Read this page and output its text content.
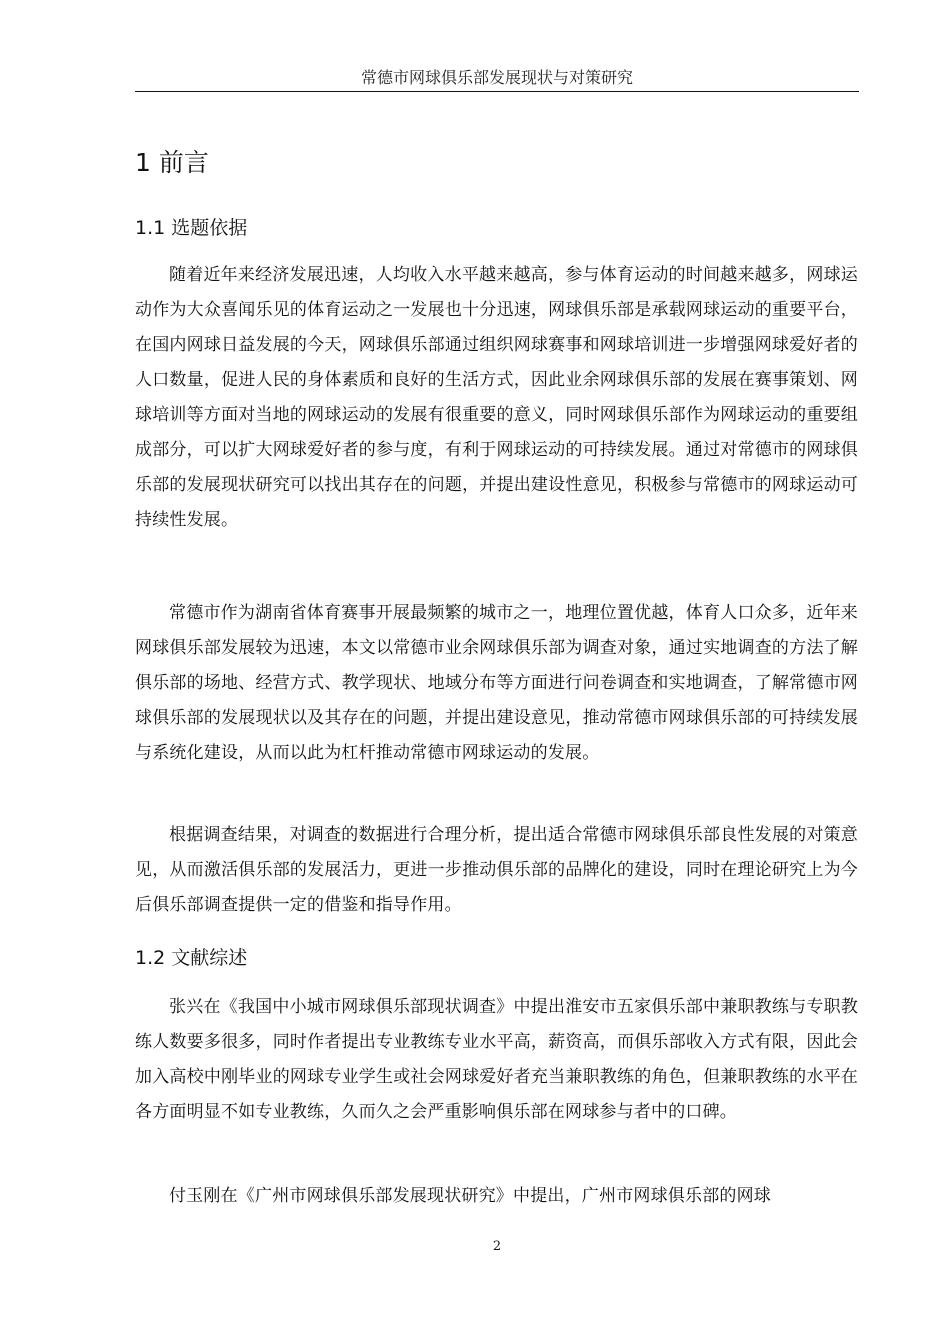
常德市网球俱乐部发展现状与对策研究
1 前言
1.1 选题依据

随着近年来经济发展迅速，人均收入水平越来越高，参与体育运动的时间越来越多，网球运动作为大众喜闻乐见的体育运动之一发展也十分迅速，网球俱乐部是承载网球运动的重要平台，在国内网球日益发展的今天，网球俱乐部通过组织网球赛事和网球培训进一步增强网球爱好者的人口数量，促进人民的身体素质和良好的生活方式，因此业余网球俱乐部的发展在赛事策划、网球培训等方面对当地的网球运动的发展有很重要的意义，同时网球俱乐部作为网球运动的重要组成部分，可以扩大网球爱好者的参与度，有利于网球运动的可持续发展。通过对常德市的网球俱乐部的发展现状研究可以找出其存在的问题，并提出建设性意见，积极参与常德市的网球运动可持续性发展。

常德市作为湖南省体育赛事开展最频繁的城市之一，地理位置优越，体育人口众多，近年来网球俱乐部发展较为迅速，本文以常德市业余网球俱乐部为调查对象，通过实地调查的方法了解俱乐部的场地、经营方式、教学现状、地域分布等方面进行问卷调查和实地调查，了解常德市网球俱乐部的发展现状以及其存在的问题，并提出建设意见，推动常德市网球俱乐部的可持续发展与系统化建设，从而以此为杠杆推动常德市网球运动的发展。

根据调查结果，对调查的数据进行合理分析，提出适合常德市网球俱乐部良性发展的对策意见，从而激活俱乐部的发展活力，更进一步推动俱乐部的品牌化的建设，同时在理论研究上为今后俱乐部调查提供一定的借鉴和指导作用。

1.2 文献综述

张兴在《我国中小城市网球俱乐部现状调查》中提出淮安市五家俱乐部中兼职教练与专职教练人数要多很多，同时作者提出专业教练专业水平高，薪资高，而俱乐部收入方式有限，因此会加入高校中刚毕业的网球专业学生或社会网球爱好者充当兼职教练的角色，但兼职教练的水平在各方面明显不如专业教练，久而久之会严重影响俱乐部在网球参与者中的口碑。

付玉刚在《广州市网球俱乐部发展现状研究》中提出，广州市网球俱乐部的网球

2
